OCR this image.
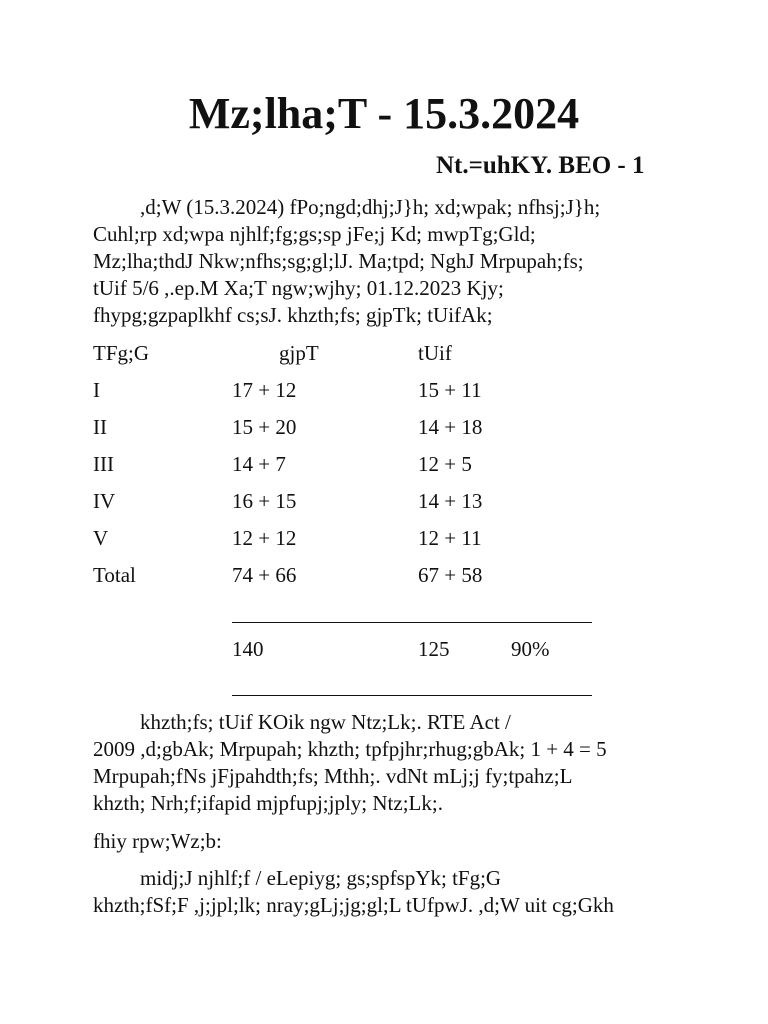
Mz;lha;T - 15.3.2024
Nt.=uhKY. BEO - 1
,d;W (15.3.2024) fPo;ngd;dhj;J}h; xd;wpak; nfhsj;J}h;
Cuhl;rp xd;wpa njhlf;fg;gs;sp jFe;j Kd; mwpTg;Gld;
Mz;lha;thdJ Nkw;nfhs;sg;gl;lJ. Ma;tpd; NghJ Mrpupah;fs;
tUif 5/6 ,.ep.M Xa;T ngw;wjhy; 01.12.2023 Kjy;
fhypg;gzpaplkhf cs;sJ. khzth;fs; gjpTk; tUifAk;
TFg;G	gjpT	tUif
I	17 + 12	15 + 11
II	15 + 20	14 + 18
III	14 + 7	12 + 5
IV	16 + 15	14 + 13
V	12 + 12	12 + 11
Total	74 + 66	67 + 58
140	125	90%
khzth;fs; tUif KOik ngw Ntz;Lk;. RTE Act /
2009 ,d;gbAk; Mrpupah; khzth; tpfpjhr;rhug;gbAk; 1 + 4 = 5
Mrpupah;fNs jFjpahdth;fs; Mthh;. vdNt mLj;j fy;tpahz;L
khzth; Nrh;f;ifapid mjpfupj;jply; Ntz;Lk;.
fhiy rpw;Wz;b:
midj;J njhlf;f / eLepiyg; gs;spfspYk; tFg;G
khzth;fSf;F ,j;jpl;lk; nray;gLj;jg;gl;L tUfpwJ. ,d;W uit cg;Gkh
